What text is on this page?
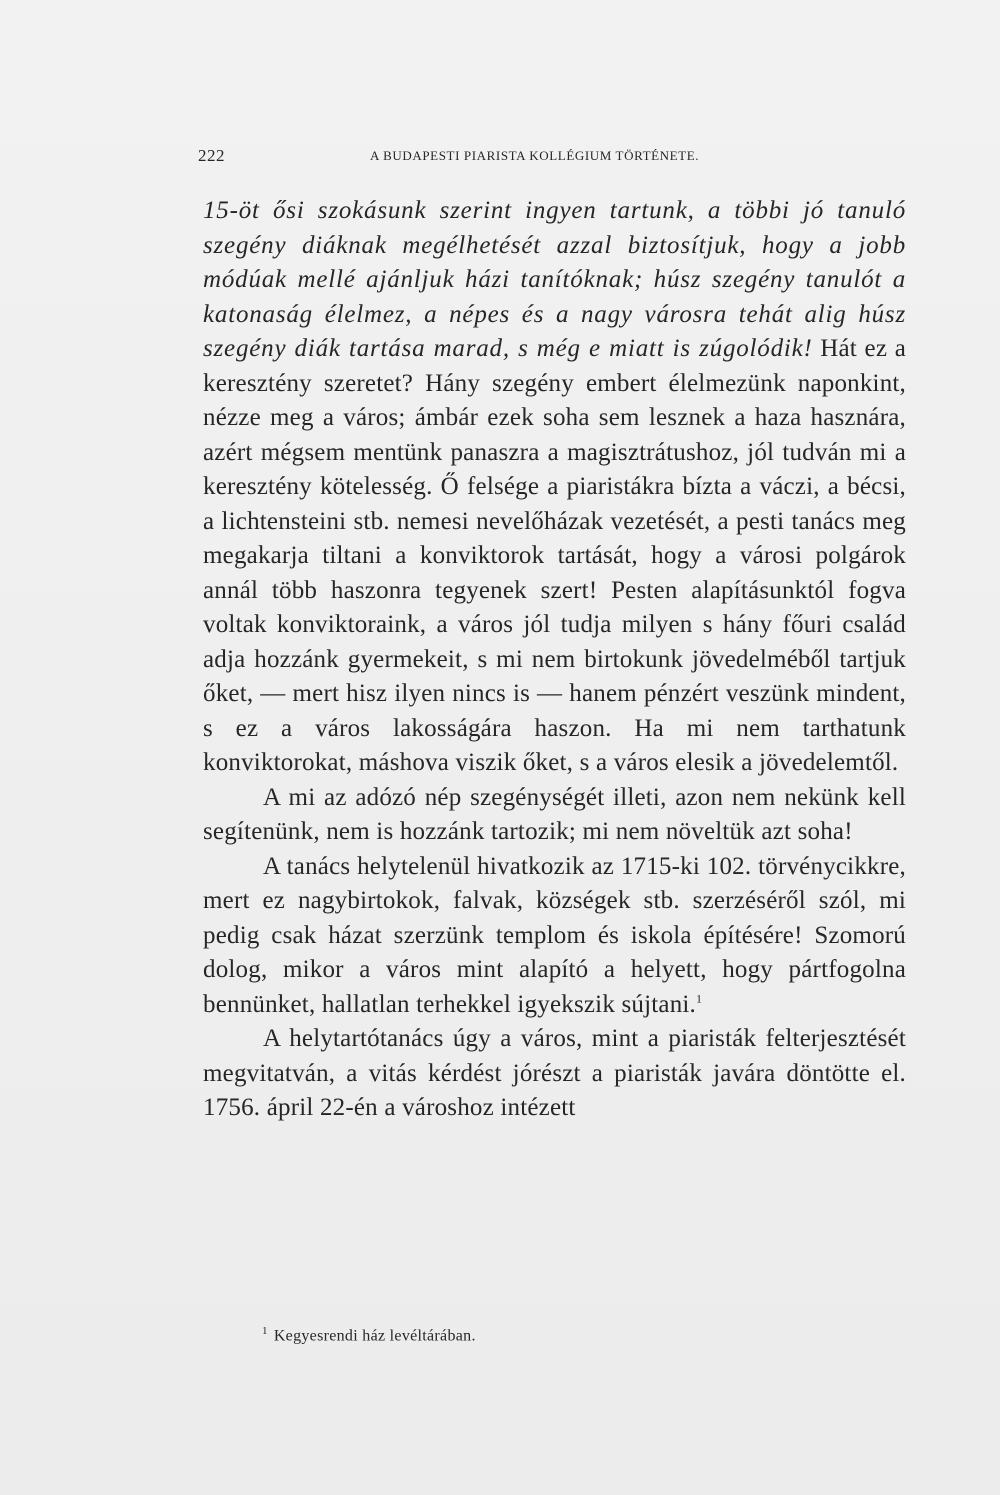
222	A BUDAPESTI PIARISTA KOLLÉGIUM TÖRTÉNETE.

15-öt ősi szokásunk szerint ingyen tartunk, a többi jó tanuló szegény diáknak megélhetését azzal biztosítjuk, hogy a jobb módúak mellé ajánljuk házi tanítóknak; húsz szegény tanulót a katonaság élelmez, a népes és a nagy városra tehát alig húsz szegény diák tartása marad, s még e miatt is zúgolódik! Hát ez a keresztény szeretet? Hány szegény embert élelmezünk naponkint, nézze meg a város; ámbár ezek soha sem lesznek a haza hasznára, azért mégsem mentünk panaszra a magisztrátushoz, jól tudván mi a keresztény kötelesség. Ő felsége a piaristákra bízta a váczi, a bécsi, a lichtensteini stb. nemesi nevelőházak vezetését, a pesti tanács meg megakarja tiltani a konviktorok tartását, hogy a városi polgárok annál több haszonra tegyenek szert! Pesten alapításunktól fogva voltak konviktoraink, a város jól tudja milyen s hány főuri család adja hozzánk gyermekeit, s mi nem birtokunk jövedelméből tartjuk őket, — mert hisz ilyen nincs is — hanem pénzért veszünk mindent, s ez a város lakosságára haszon. Ha mi nem tarthatunk konviktorokat, máshova viszik őket, s a város elesik a jövedelemtől.

A mi az adózó nép szegénységét illeti, azon nem nekünk kell segítenünk, nem is hozzánk tartozik; mi nem növeltük azt soha!

A tanács helytelenül hivatkozik az 1715-ki 102. törvénycikkre, mert ez nagybirtokok, falvak, községek stb. szerzéséről szól, mi pedig csak házat szerzünk templom és iskola építésére! Szomorú dolog, mikor a város mint alapító a helyett, hogy pártfogolna bennünket, hallatlan terhekkel igyekszik sújtani.$^1$

A helytartótanács úgy a város, mint a piaristák felterjesztését megvitatván, a vitás kérdést jórészt a piaristák javára döntötte el. 1756. ápril 22-én a városhoz intézett

$^1$ Kegyesrendi ház levéltárában.
